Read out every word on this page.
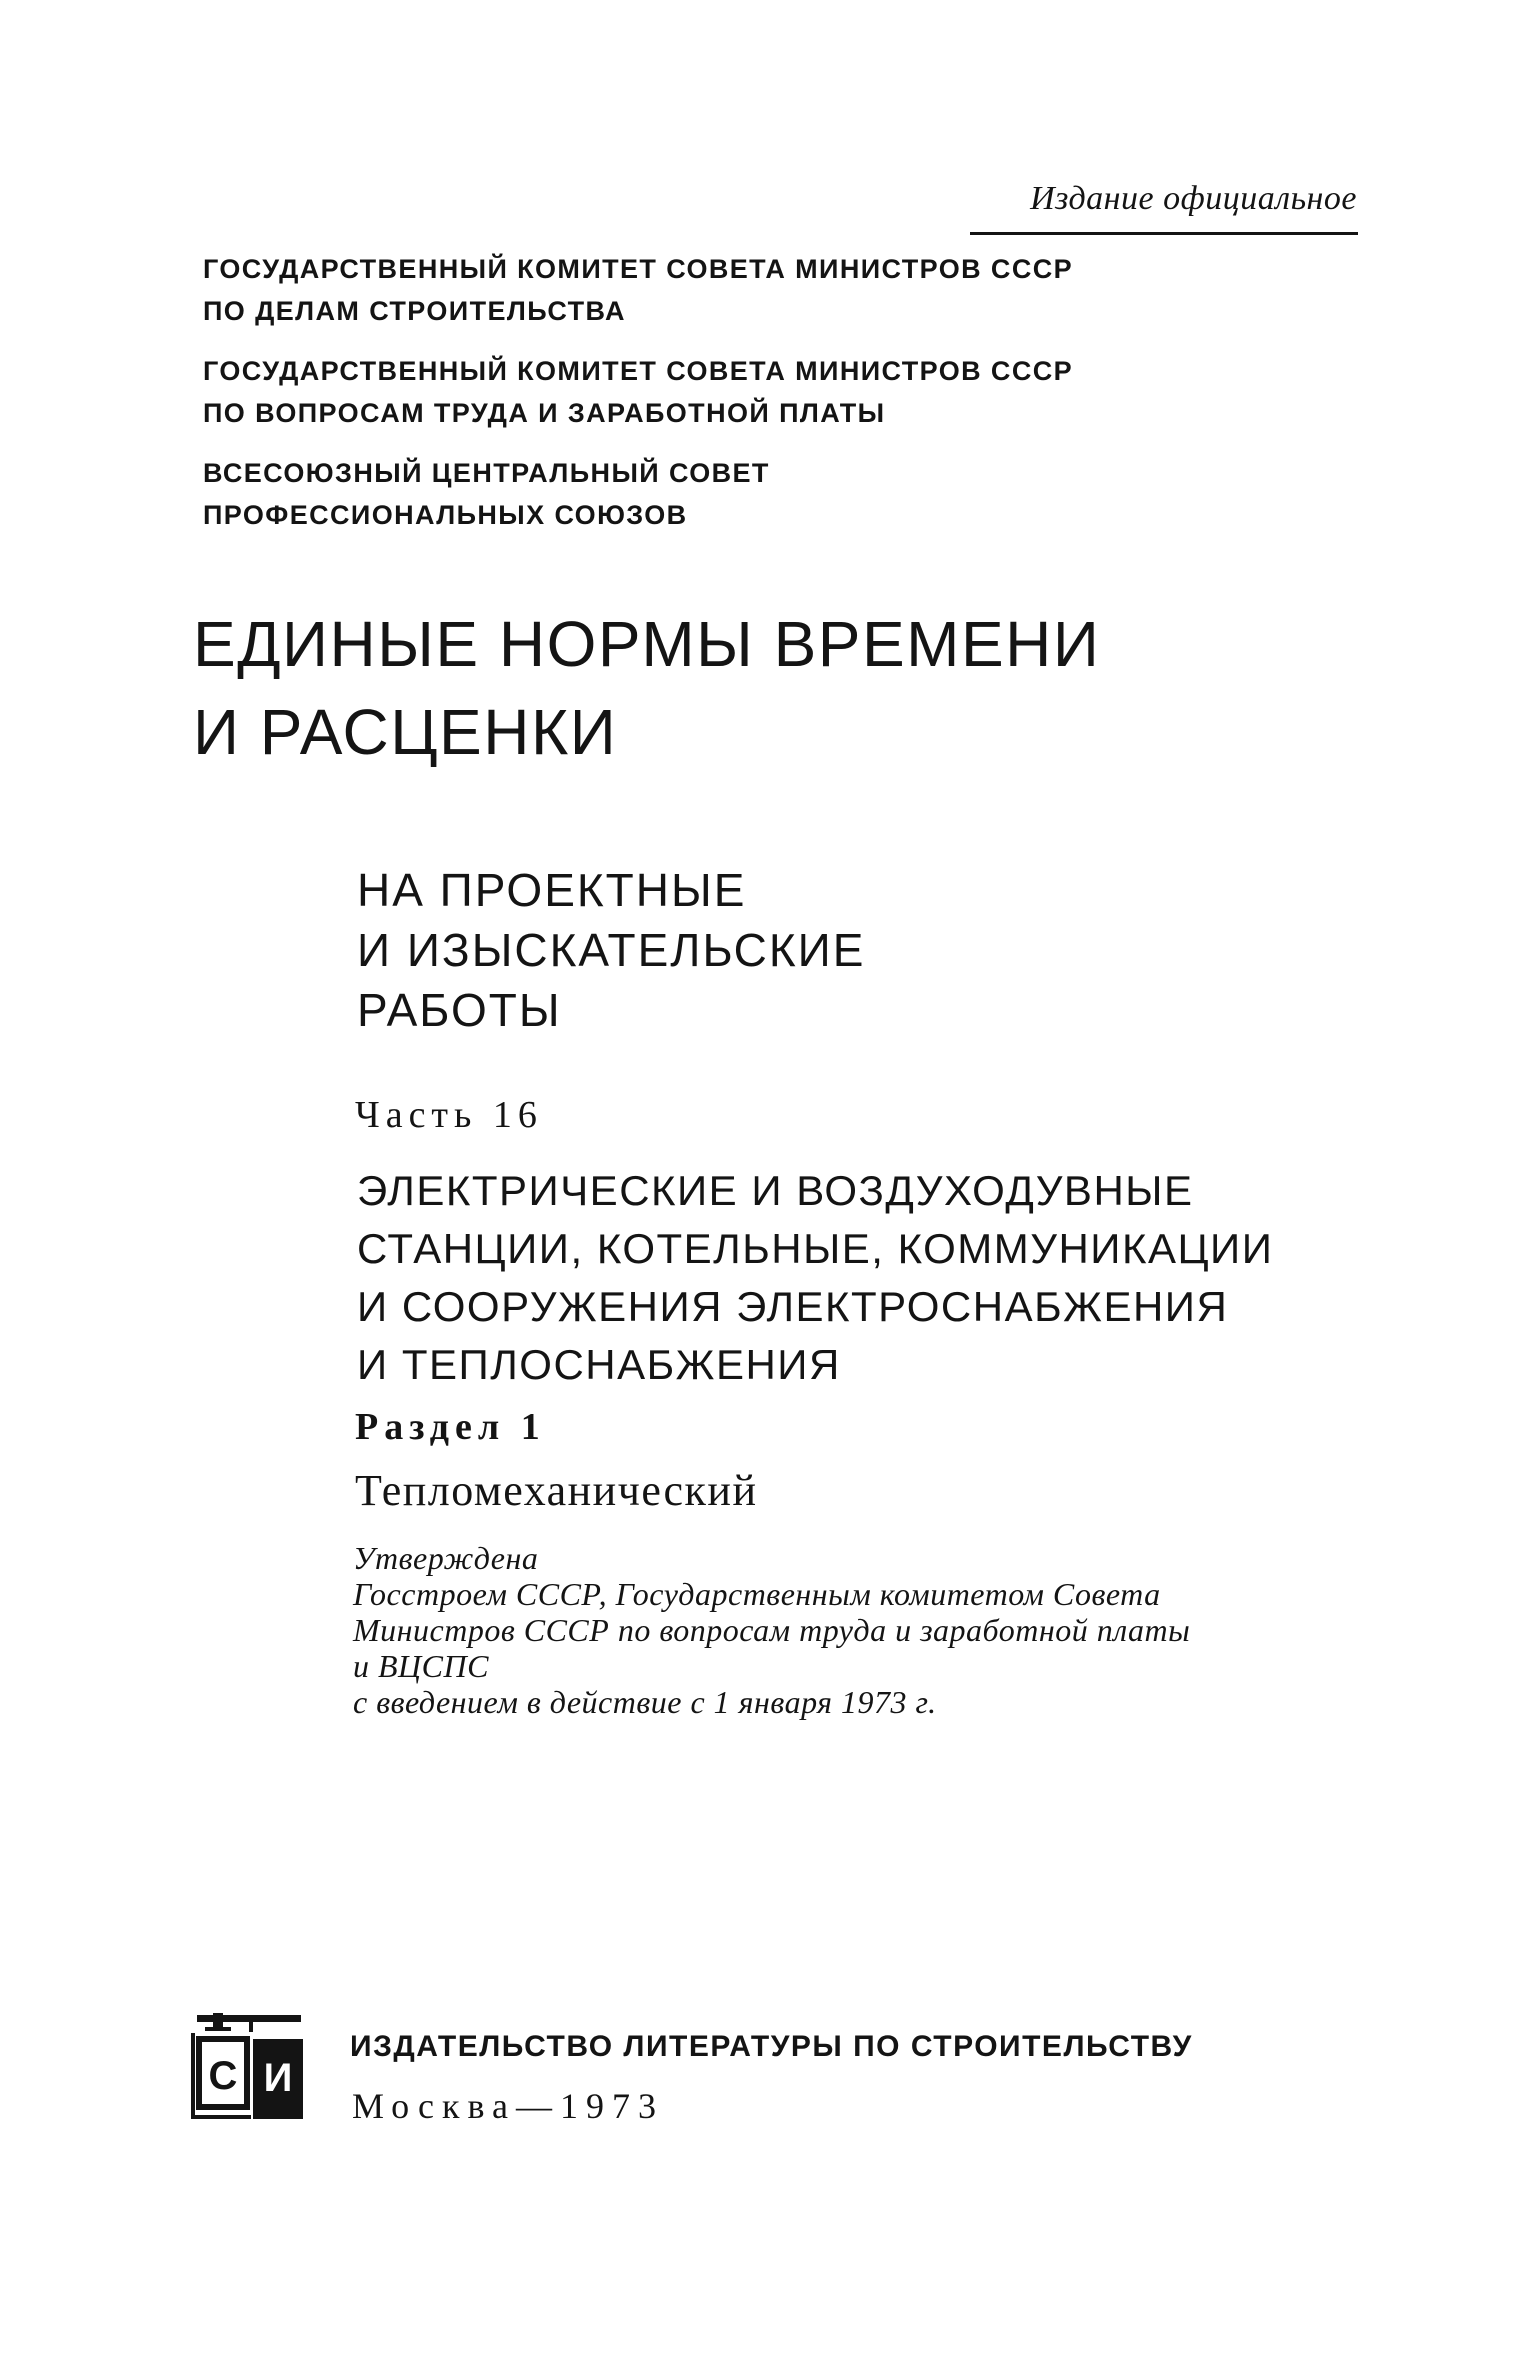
Издание официальное

ГОСУДАРСТВЕННЫЙ КОМИТЕТ СОВЕТА МИНИСТРОВ СССР
ПО ДЕЛАМ СТРОИТЕЛЬСТВА
ГОСУДАРСТВЕННЫЙ КОМИТЕТ СОВЕТА МИНИСТРОВ СССР
ПО ВОПРОСАМ ТРУДА И ЗАРАБОТНОЙ ПЛАТЫ
ВСЕСОЮЗНЫЙ ЦЕНТРАЛЬНЫЙ СОВЕТ
ПРОФЕССИОНАЛЬНЫХ СОЮЗОВ
ЕДИНЫЕ НОРМЫ ВРЕМЕНИ
И РАСЦЕНКИ
НА ПРОЕКТНЫЕ
И ИЗЫСКАТЕЛЬСКИЕ
РАБОТЫ

Часть 16

ЭЛЕКТРИЧЕСКИЕ И ВОЗДУХОДУВНЫЕ
СТАНЦИИ, КОТЕЛЬНЫЕ, КОММУНИКАЦИИ
И СООРУЖЕНИЯ ЭЛЕКТРОСНАБЖЕНИЯ
И ТЕПЛОСНАБЖЕНИЯ

Раздел 1

Тепломеханический

Утверждена
Госстроем СССР, Государственным комитетом Совета
Министров СССР по вопросам труда и заработной платы
и ВЦСПС
с введением в действие с 1 января 1973 г.
С И

ИЗДАТЕЛЬСТВО ЛИТЕРАТУРЫ ПО СТРОИТЕЛЬСТВУ

Москва—1973
